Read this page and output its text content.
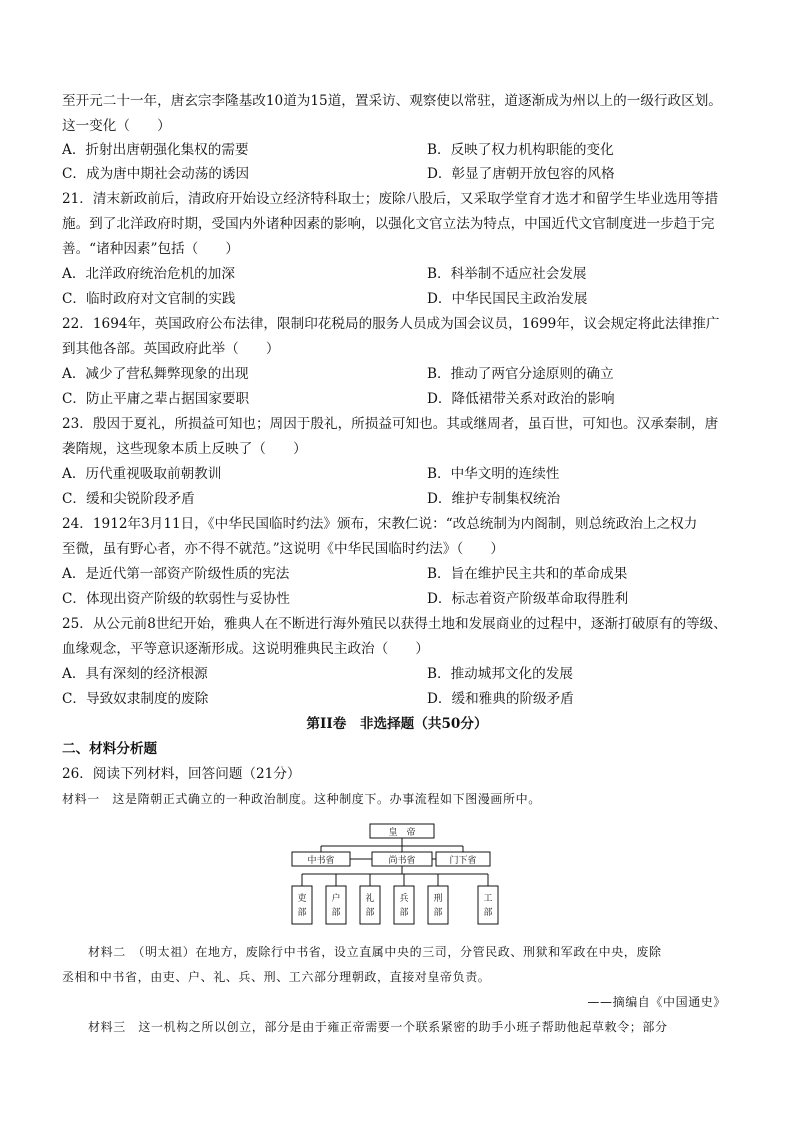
至开元二十一年，唐玄宗李隆基改10道为15道，置采访、观察使以常驻，道逐渐成为州以上的一级行政区划。
这一变化（　　）
A．折射出唐朝强化集权的需要	B．反映了权力机构职能的变化
C．成为唐中期社会动荡的诱因	D．彰显了唐朝开放包容的风格
21．清末新政前后，清政府开始设立经济特科取士；废除八股后，又采取学堂育才选才和留学生毕业选用等措
施。到了北洋政府时期，受国内外诸种因素的影响，以强化文官立法为特点，中国近代文官制度进一步趋于完
善。“诸种因素”包括（　　）
A．北洋政府统治危机的加深	B．科举制不适应社会发展
C．临时政府对文官制的实践	D．中华民国民主政治发展
22．1694年，英国政府公布法律，限制印花税局的服务人员成为国会议员，1699年，议会规定将此法律推广
到其他各部。英国政府此举（　　）
A．减少了营私舞弊现象的出现	B．推动了两官分途原则的确立
C．防止平庸之辈占据国家要职	D．降低裙带关系对政治的影响
23．殷因于夏礼，所损益可知也；周因于殷礼，所损益可知也。其或继周者，虽百世，可知也。汉承秦制，唐
袭隋规，这些现象本质上反映了（　　）
A．历代重视吸取前朝教训	B．中华文明的连续性
C．缓和尖锐阶段矛盾	D．维护专制集权统治
24．1912年3月11日，《中华民国临时约法》颁布，宋教仁说：“改总统制为内阁制，则总统政治上之权力
至微，虽有野心者，亦不得不就范。”这说明《中华民国临时约法》（　　）
A．是近代第一部资产阶级性质的宪法	B．旨在维护民主共和的革命成果
C．体现出资产阶级的软弱性与妥协性	D．标志着资产阶级革命取得胜利
25．从公元前8世纪开始，雅典人在不断进行海外殖民以获得土地和发展商业的过程中，逐渐打破原有的等级、
血缘观念，平等意识逐渐形成。这说明雅典民主政治（　　）
A．具有深刻的经济根源	B．推动城邦文化的发展
C．导致奴隶制度的废除	D．缓和雅典的阶级矛盾
第II卷　非选择题（共50分）
二、材料分析题
26．阅读下列材料，回答问题（21分）
材料一　这是隋朝正式确立的一种政治制度。这种制度下。办事流程如下图漫画所中。
皇　帝
中书省	尚书省	门下省
吏
部
户
部
礼
部
兵
部
刑
部
工
部
材料二　（明太祖）在地方，废除行中书省，设立直属中央的三司，分管民政、刑狱和军政在中央，废除
丞相和中书省，由吏、户、礼、兵、刑、工六部分理朝政，直接对皇帝负责。
——摘编自《中国通史》
材料三　这一机构之所以创立，部分是由于雍正帝需要一个联系紧密的助手小班子帮助他起草敕令；部分
